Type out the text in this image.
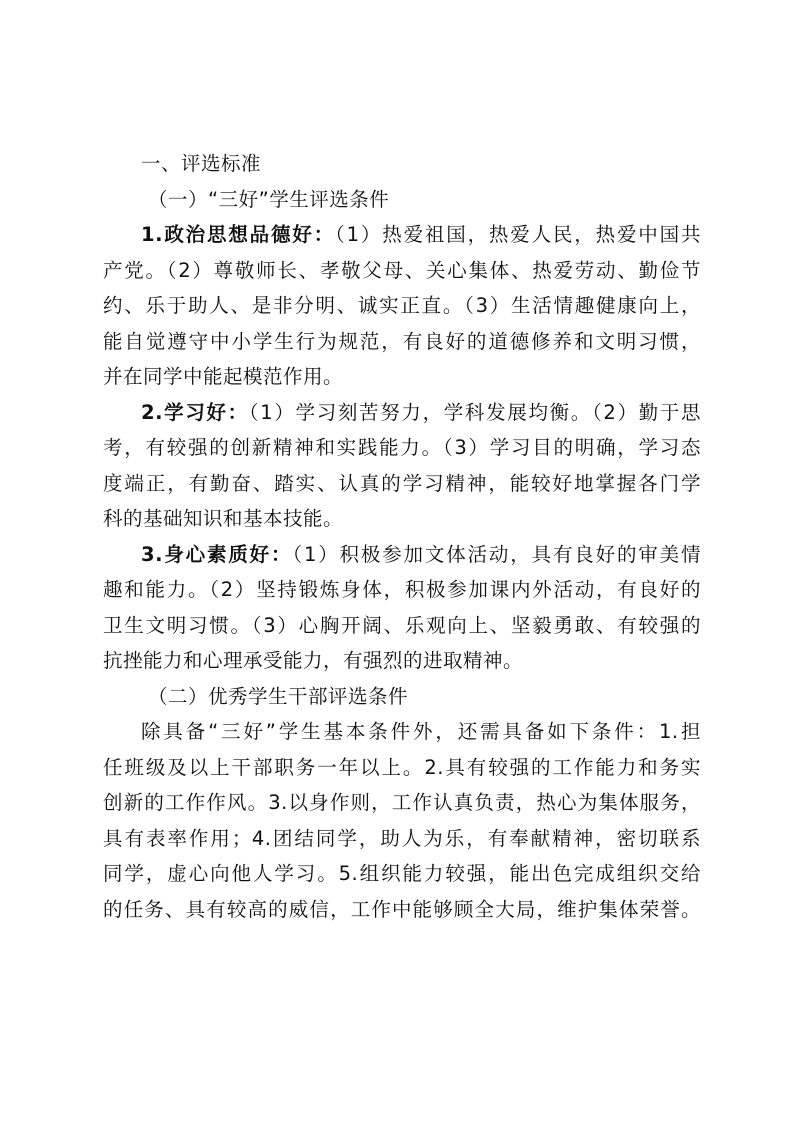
一、评选标准
（一）“三好”学生评选条件
1.政治思想品德好：（1）热爱祖国，热爱人民，热爱中国共
产党。（2）尊敬师长、孝敬父母、关心集体、热爱劳动、勤俭节
约、乐于助人、是非分明、诚实正直。（3）生活情趣健康向上，
能自觉遵守中小学生行为规范，有良好的道德修养和文明习惯，
并在同学中能起模范作用。
2.学习好：（1）学习刻苦努力，学科发展均衡。（2）勤于思
考，有较强的创新精神和实践能力。（3）学习目的明确，学习态
度端正，有勤奋、踏实、认真的学习精神，能较好地掌握各门学
科的基础知识和基本技能。
3.身心素质好：（1）积极参加文体活动，具有良好的审美情
趣和能力。（2）坚持锻炼身体，积极参加课内外活动，有良好的
卫生文明习惯。（3）心胸开阔、乐观向上、坚毅勇敢、有较强的
抗挫能力和心理承受能力，有强烈的进取精神。
（二）优秀学生干部评选条件
除具备“三好”学生基本条件外，还需具备如下条件：1.担
任班级及以上干部职务一年以上。2.具有较强的工作能力和务实
创新的工作作风。3.以身作则，工作认真负责，热心为集体服务，
具有表率作用；4.团结同学，助人为乐，有奉献精神，密切联系
同学，虚心向他人学习。5.组织能力较强，能出色完成组织交给
的任务、具有较高的威信，工作中能够顾全大局，维护集体荣誉。
